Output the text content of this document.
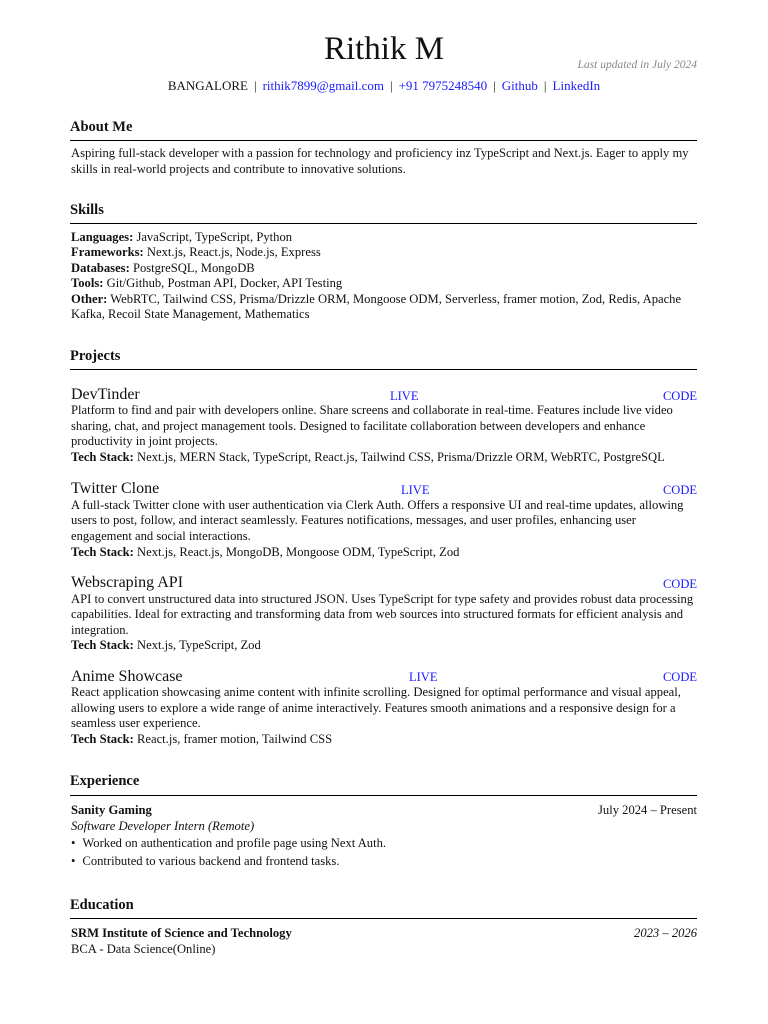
Rithik M	Last updated in July 2024
BANGALORE | rithik7899@gmail.com | +91 7975248540 | Github | LinkedIn
About Me
Aspiring full-stack developer with a passion for technology and proficiency inz TypeScript and Next.js. Eager to apply my skills in real-world projects and contribute to innovative solutions.
Skills
Languages: JavaScript, TypeScript, Python
Frameworks: Next.js, React.js, Node.js, Express
Databases: PostgreSQL, MongoDB
Tools: Git/Github, Postman API, Docker, API Testing
Other: WebRTC, Tailwind CSS, Prisma/Drizzle ORM, Mongoose ODM, Serverless, framer motion, Zod, Redis, Apache Kafka, Recoil State Management, Mathematics
Projects
DevTinder	LIVE	CODE
Platform to find and pair with developers online. Share screens and collaborate in real-time. Features include live video sharing, chat, and project management tools. Designed to facilitate collaboration between developers and enhance productivity in joint projects.
Tech Stack: Next.js, MERN Stack, TypeScript, React.js, Tailwind CSS, Prisma/Drizzle ORM, WebRTC, PostgreSQL
Twitter Clone	LIVE	CODE
A full-stack Twitter clone with user authentication via Clerk Auth. Offers a responsive UI and real-time updates, allowing users to post, follow, and interact seamlessly. Features notifications, messages, and user profiles, enhancing user engagement and social interactions.
Tech Stack: Next.js, React.js, MongoDB, Mongoose ODM, TypeScript, Zod
Webscraping API	CODE
API to convert unstructured data into structured JSON. Uses TypeScript for type safety and provides robust data processing capabilities. Ideal for extracting and transforming data from web sources into structured formats for efficient analysis and integration.
Tech Stack: Next.js, TypeScript, Zod
Anime Showcase	LIVE	CODE
React application showcasing anime content with infinite scrolling. Designed for optimal performance and visual appeal, allowing users to explore a wide range of anime interactively. Features smooth animations and a responsive design for a seamless user experience.
Tech Stack: React.js, framer motion, Tailwind CSS
Experience
Sanity Gaming	July 2024 – Present
Software Developer Intern (Remote)
• Worked on authentication and profile page using Next Auth.
• Contributed to various backend and frontend tasks.
Education
SRM Institute of Science and Technology	2023 – 2026
BCA - Data Science(Online)
